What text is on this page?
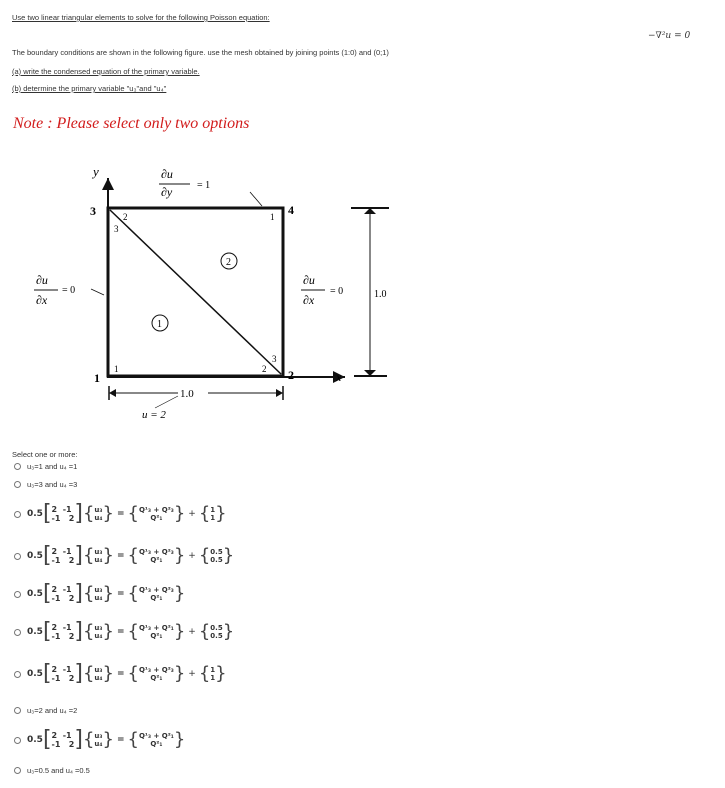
Use two linear triangular elements to solve for the following Poisson equation:
−∇²u = 0
The boundary conditions are shown in the following figure. use the mesh obtained by joining points (1:0) and (0;1)
(a) write the condensed equation of the primary variable.
(b) determine the primary variable "u₃"and "u₄"
Note : Please select only two options
y
x
3	4
1	2
3
1	2
2	1
3
1
2
∂u
∂y = 1
∂u
∂x
= 0
∂u
∂x
= 0	1.0
1.0
u = 2
Select one or more:
u₃=1 and u₄ =1
u₃=3 and u₄ =3
0.5 [ 2 -1
-1 2 ] { u₃
u₄ } = { Q¹₃ + Q²₃
Q²₁ } + { 1
1 }
0.5 [ 2 -1
-1 2 ] { u₃
u₄ } = { Q¹₃ + Q²₃
Q²₁ } + { 0.5
0.5 }
0.5 [ 2 -1
-1 2 ] { u₃
u₄ } = { Q¹₃ + Q²₃
Q²₁ }
0.5 [ 2 -1
-1 2 ] { u₃
u₄ } = { Q¹₃ + Q²₁
Q²₁ } + { 0.5
0.5 }
0.5 [ 2 -1
-1 2 ] { u₃
u₄ } = { Q¹₃ + Q²₃
Q²₁ } + { 1
1 }
u₃=2 and u₄ =2
0.5 [ 2 -1
-1 2 ] { u₃
u₄ } = { Q¹₃ + Q²₁
Q²₁ }
u₃=0.5 and u₄ =0.5
